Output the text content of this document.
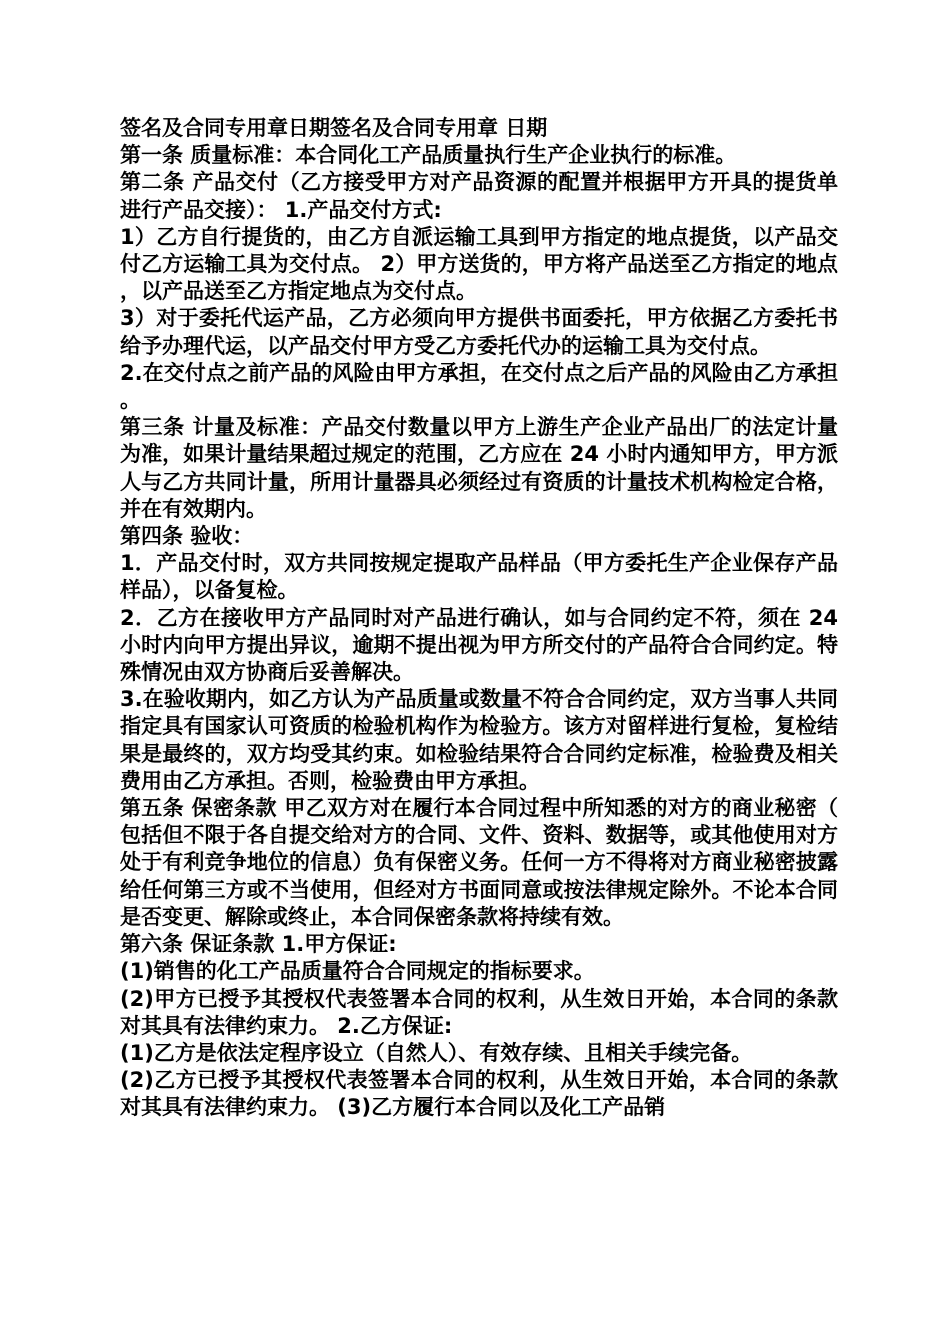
签名及合同专用章日期签名及合同专用章 日期

第一条 质量标准：本合同化工产品质量执行生产企业执行的标准。

第二条 产品交付（乙方接受甲方对产品资源的配置并根据甲方开具的提货单进行产品交接）： 1.产品交付方式:

1）乙方自行提货的，由乙方自派运输工具到甲方指定的地点提货，以产品交付乙方运输工具为交付点。 2）甲方送货的，甲方将产品送至乙方指定的地点，以产品送至乙方指定地点为交付点。

3）对于委托代运产品，乙方必须向甲方提供书面委托，甲方依据乙方委托书给予办理代运，以产品交付甲方受乙方委托代办的运输工具为交付点。

2.在交付点之前产品的风险由甲方承担，在交付点之后产品的风险由乙方承担。

第三条 计量及标准：产品交付数量以甲方上游生产企业产品出厂的法定计量为准，如果计量结果超过规定的范围，乙方应在 24 小时内通知甲方，甲方派人与乙方共同计量，所用计量器具必须经过有资质的计量技术机构检定合格，并在有效期内。

第四条 验收：

1．产品交付时，双方共同按规定提取产品样品（甲方委托生产企业保存产品样品），以备复检。

2．乙方在接收甲方产品同时对产品进行确认，如与合同约定不符，须在 24 小时内向甲方提出异议，逾期不提出视为甲方所交付的产品符合合同约定。特殊情况由双方协商后妥善解决。

3.在验收期内，如乙方认为产品质量或数量不符合合同约定，双方当事人共同指定具有国家认可资质的检验机构作为检验方。该方对留样进行复检，复检结果是最终的，双方均受其约束。如检验结果符合合同约定标准，检验费及相关费用由乙方承担。否则，检验费由甲方承担。

第五条 保密条款 甲乙双方对在履行本合同过程中所知悉的对方的商业秘密（包括但不限于各自提交给对方的合同、文件、资料、数据等，或其他使用对方处于有利竞争地位的信息）负有保密义务。任何一方不得将对方商业秘密披露给任何第三方或不当使用，但经对方书面同意或按法律规定除外。不论本合同是否变更、解除或终止，本合同保密条款将持续有效。

第六条 保证条款 1.甲方保证:

(1)销售的化工产品质量符合合同规定的指标要求。

(2)甲方已授予其授权代表签署本合同的权利，从生效日开始，本合同的条款对其具有法律约束力。 2.乙方保证:

(1)乙方是依法定程序设立（自然人）、有效存续、且相关手续完备。

(2)乙方已授予其授权代表签署本合同的权利，从生效日开始，本合同的条款对其具有法律约束力。 (3)乙方履行本合同以及化工产品销
